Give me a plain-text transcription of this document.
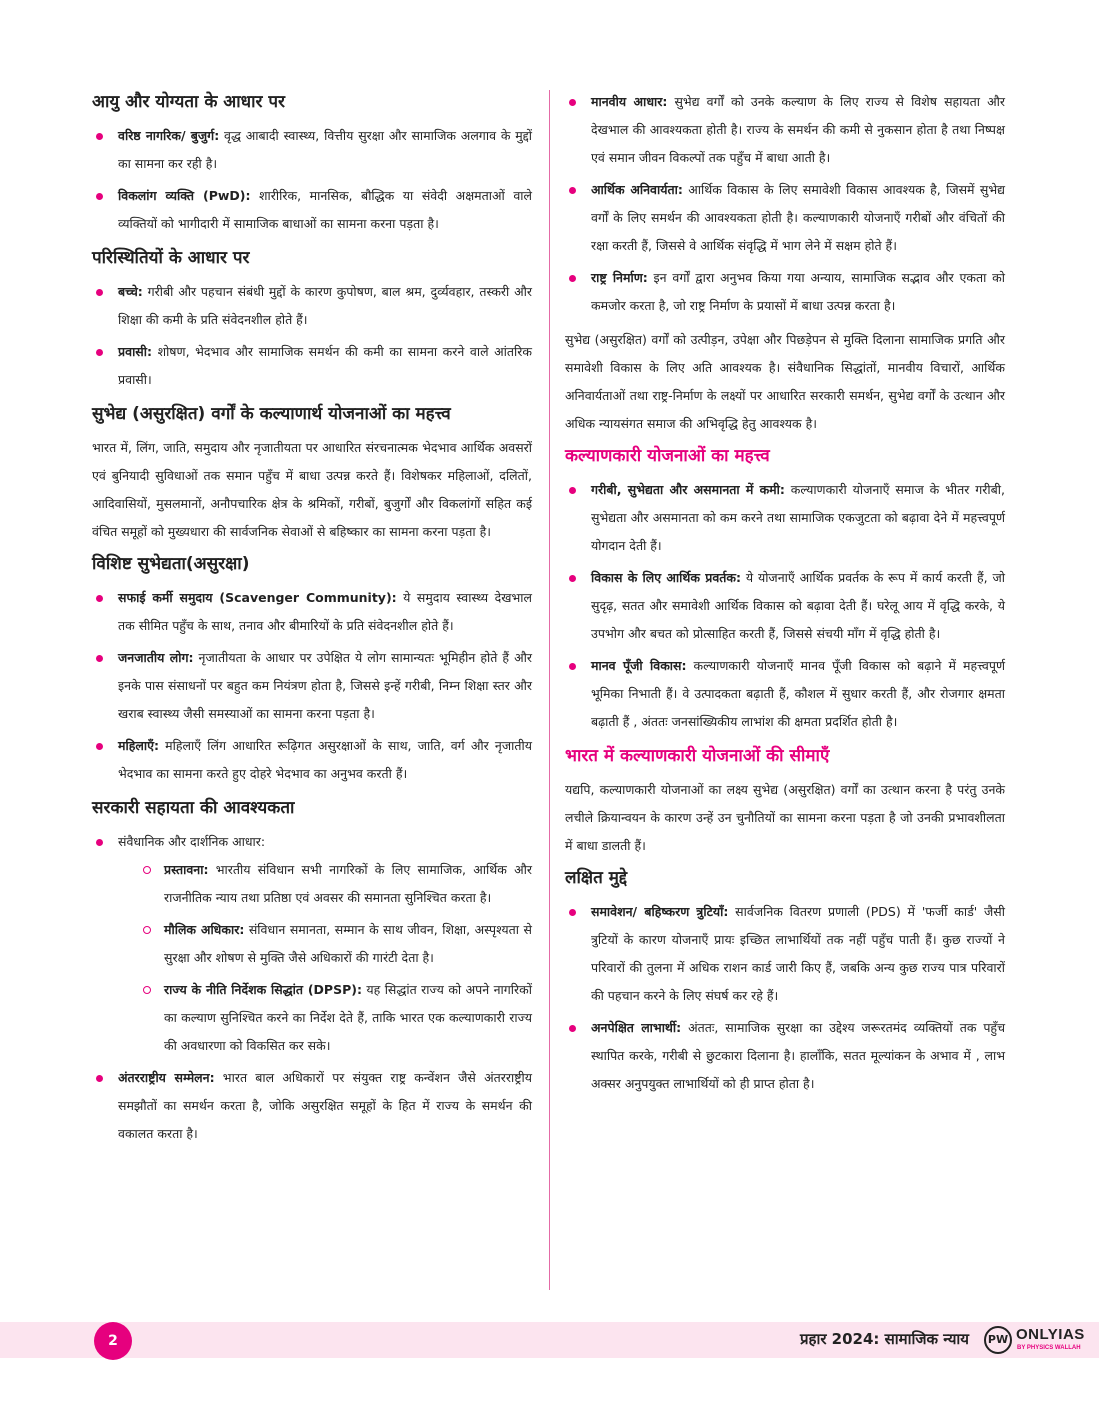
आयु और योग्यता के आधार पर
वरिष्ठ नागरिक/ बुजुर्ग: वृद्ध आबादी स्वास्थ्य, वित्तीय सुरक्षा और सामाजिक अलगाव के मुद्दों का सामना कर रही है।
विकलांग व्यक्ति (PwD): शारीरिक, मानसिक, बौद्धिक या संवेदी अक्षमताओं वाले व्यक्तियों को भागीदारी में सामाजिक बाधाओं का सामना करना पड़ता है।
परिस्थितियों के आधार पर
बच्चे: गरीबी और पहचान संबंधी मुद्दों के कारण कुपोषण, बाल श्रम, दुर्व्यवहार, तस्करी और शिक्षा की कमी के प्रति संवेदनशील होते हैं।
प्रवासी: शोषण, भेदभाव और सामाजिक समर्थन की कमी का सामना करने वाले आंतरिक प्रवासी।
सुभेद्य (असुरक्षित) वर्गों के कल्याणार्थ योजनाओं का महत्त्व

भारत में, लिंग, जाति, समुदाय और नृजातीयता पर आधारित संरचनात्मक भेदभाव आर्थिक अवसरों एवं बुनियादी सुविधाओं तक समान पहुँच में बाधा उत्पन्न करते हैं। विशेषकर महिलाओं, दलितों, आदिवासियों, मुसलमानों, अनौपचारिक क्षेत्र के श्रमिकों, गरीबों, बुजुर्गों और विकलांगों सहित कई वंचित समूहों को मुख्यधारा की सार्वजनिक सेवाओं से बहिष्कार का सामना करना पड़ता है।

विशिष्ट सुभेद्यता(असुरक्षा)
सफाई कर्मी समुदाय (Scavenger Community): ये समुदाय स्वास्थ्य देखभाल तक सीमित पहुँच के साथ, तनाव और बीमारियों के प्रति संवेदनशील होते हैं।
जनजातीय लोग: नृजातीयता के आधार पर उपेक्षित ये लोग सामान्यतः भूमिहीन होते हैं और इनके पास संसाधनों पर बहुत कम नियंत्रण होता है, जिससे इन्हें गरीबी, निम्न शिक्षा स्तर और खराब स्वास्थ्य जैसी समस्याओं का सामना करना पड़ता है।
महिलाएँ: महिलाएँ लिंग आधारित रूढ़िगत असुरक्षाओं के साथ, जाति, वर्ग और नृजातीय भेदभाव का सामना करते हुए दोहरे भेदभाव का अनुभव करती हैं।
सरकारी सहायता की आवश्यकता
संवैधानिक और दार्शनिक आधार:
प्रस्तावना: भारतीय संविधान सभी नागरिकों के लिए सामाजिक, आर्थिक और राजनीतिक न्याय तथा प्रतिष्ठा एवं अवसर की समानता सुनिश्चित करता है।
मौलिक अधिकार: संविधान समानता, सम्मान के साथ जीवन, शिक्षा, अस्पृश्यता से सुरक्षा और शोषण से मुक्ति जैसे अधिकारों की गारंटी देता है।
राज्य के नीति निर्देशक सिद्धांत (DPSP): यह सिद्धांत राज्य को अपने नागरिकों का कल्याण सुनिश्चित करने का निर्देश देते हैं, ताकि भारत एक कल्याणकारी राज्य की अवधारणा को विकसित कर सके।
अंतरराष्ट्रीय सम्मेलन: भारत बाल अधिकारों पर संयुक्त राष्ट्र कन्वेंशन जैसे अंतरराष्ट्रीय समझौतों का समर्थन करता है, जोकि असुरक्षित समूहों के हित में राज्य के समर्थन की वकालत करता है।
मानवीय आधार: सुभेद्य वर्गों को उनके कल्याण के लिए राज्य से विशेष सहायता और देखभाल की आवश्यकता होती है। राज्य के समर्थन की कमी से नुकसान होता है तथा निष्पक्ष एवं समान जीवन विकल्पों तक पहुँच में बाधा आती है।
आर्थिक अनिवार्यता: आर्थिक विकास के लिए समावेशी विकास आवश्यक है, जिसमें सुभेद्य वर्गों के लिए समर्थन की आवश्यकता होती है। कल्याणकारी योजनाएँ गरीबों और वंचितों की रक्षा करती हैं, जिससे वे आर्थिक संवृद्धि में भाग लेने में सक्षम होते हैं।
राष्ट्र निर्माण: इन वर्गों द्वारा अनुभव किया गया अन्याय, सामाजिक सद्भाव और एकता को कमजोर करता है, जो राष्ट्र निर्माण के प्रयासों में बाधा उत्पन्न करता है।

सुभेद्य (असुरक्षित) वर्गों को उत्पीड़न, उपेक्षा और पिछड़ेपन से मुक्ति दिलाना सामाजिक प्रगति और समावेशी विकास के लिए अति आवश्यक है। संवैधानिक सिद्धांतों, मानवीय विचारों, आर्थिक अनिवार्यताओं तथा राष्ट्र-निर्माण के लक्ष्यों पर आधारित सरकारी समर्थन, सुभेद्य वर्गों के उत्थान और अधिक न्यायसंगत समाज की अभिवृद्धि हेतु आवश्यक है।

कल्याणकारी योजनाओं का महत्त्व
गरीबी, सुभेद्यता और असमानता में कमी: कल्याणकारी योजनाएँ समाज के भीतर गरीबी, सुभेद्यता और असमानता को कम करने तथा सामाजिक एकजुटता को बढ़ावा देने में महत्त्वपूर्ण योगदान देती हैं।
विकास के लिए आर्थिक प्रवर्तक: ये योजनाएँ आर्थिक प्रवर्तक के रूप में कार्य करती हैं, जो सुदृढ़, सतत और समावेशी आर्थिक विकास को बढ़ावा देती हैं। घरेलू आय में वृद्धि करके, ये उपभोग और बचत को प्रोत्साहित करती हैं, जिससे संचयी माँग में वृद्धि होती है।
मानव पूँजी विकास: कल्याणकारी योजनाएँ मानव पूँजी विकास को बढ़ाने में महत्त्वपूर्ण भूमिका निभाती हैं। वे उत्पादकता बढ़ाती हैं, कौशल में सुधार करती हैं, और रोजगार क्षमता बढ़ाती हैं , अंततः जनसांख्यिकीय लाभांश की क्षमता प्रदर्शित होती है।
भारत में कल्याणकारी योजनाओं की सीमाएँ

यद्यपि, कल्याणकारी योजनाओं का लक्ष्य सुभेद्य (असुरक्षित) वर्गों का उत्थान करना है परंतु उनके लचीले क्रियान्वयन के कारण उन्हें उन चुनौतियों का सामना करना पड़ता है जो उनकी प्रभावशीलता में बाधा डालती हैं।

लक्षित मुद्दे
समावेशन/ बहिष्करण त्रुटियाँ: सार्वजनिक वितरण प्रणाली (PDS) में 'फर्जी कार्ड' जैसी त्रुटियों के कारण योजनाएँ प्रायः इच्छित लाभार्थियों तक नहीं पहुँच पाती हैं। कुछ राज्यों ने परिवारों की तुलना में अधिक राशन कार्ड जारी किए हैं, जबकि अन्य कुछ राज्य पात्र परिवारों की पहचान करने के लिए संघर्ष कर रहे हैं।
अनपेक्षित लाभार्थी: अंततः, सामाजिक सुरक्षा का उद्देश्य जरूरतमंद व्यक्तियों तक पहुँच स्थापित करके, गरीबी से छुटकारा दिलाना है। हालाँकि, सतत मूल्यांकन के अभाव में , लाभ अक्सर अनुपयुक्त लाभार्थियों को ही प्राप्त होता है।
2	प्रहार 2024: सामाजिक न्याय	PW ONLYIAS
BY PHYSICS WALLAH
